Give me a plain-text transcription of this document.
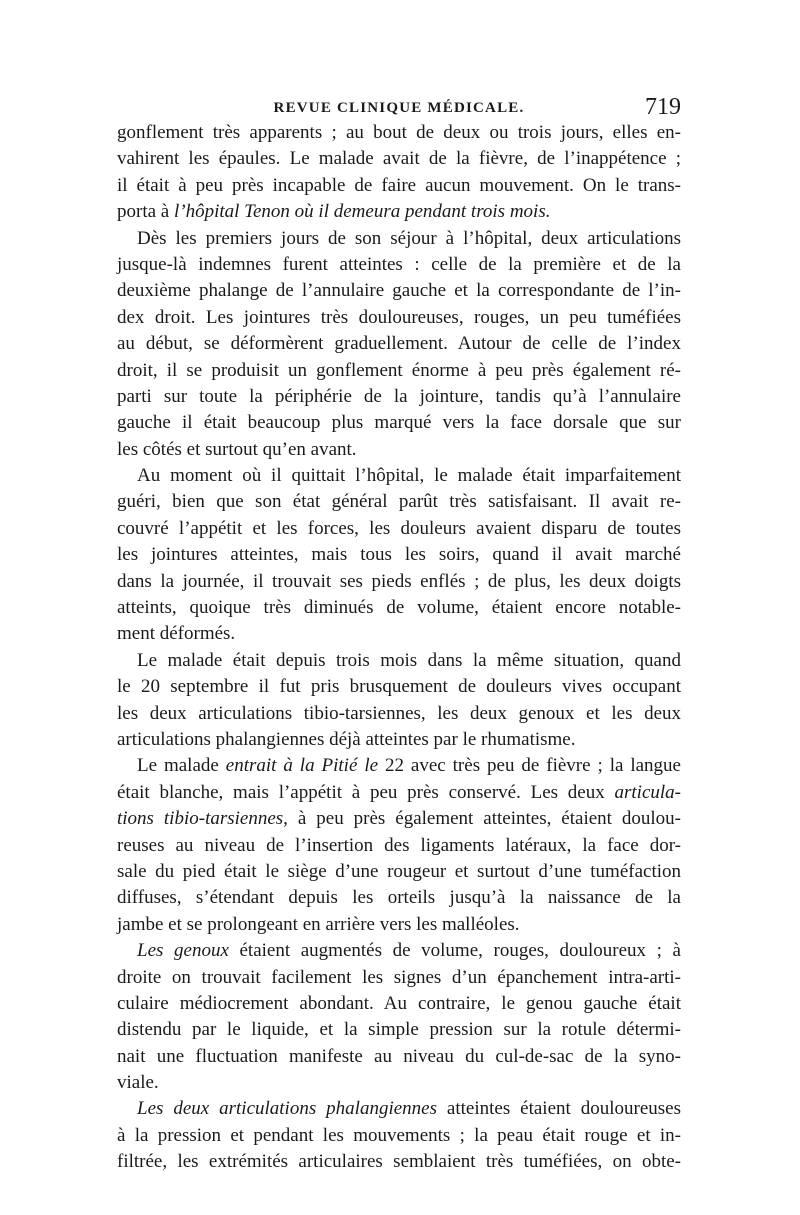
REVUE CLINIQUE MÉDICALE.	719
gonflement très apparents ; au bout de deux ou trois jours, elles en-
vahirent les épaules. Le malade avait de la fièvre, de l’inappétence ;
il était à peu près incapable de faire aucun mouvement. On le trans-
porta à l’hôpital Tenon où il demeura pendant trois mois.
Dès les premiers jours de son séjour à l’hôpital, deux articulations
jusque-là indemnes furent atteintes : celle de la première et de la
deuxième phalange de l’annulaire gauche et la correspondante de l’in-
dex droit. Les jointures très douloureuses, rouges, un peu tuméfiées
au début, se déformèrent graduellement. Autour de celle de l’index
droit, il se produisit un gonflement énorme à peu près également ré-
parti sur toute la périphérie de la jointure, tandis qu’à l’annulaire
gauche il était beaucoup plus marqué vers la face dorsale que sur
les côtés et surtout qu’en avant.
Au moment où il quittait l’hôpital, le malade était imparfaitement
guéri, bien que son état général parût très satisfaisant. Il avait re-
couvré l’appétit et les forces, les douleurs avaient disparu de toutes
les jointures atteintes, mais tous les soirs, quand il avait marché
dans la journée, il trouvait ses pieds enflés ; de plus, les deux doigts
atteints, quoique très diminués de volume, étaient encore notable-
ment déformés.
Le malade était depuis trois mois dans la même situation, quand
le 20 septembre il fut pris brusquement de douleurs vives occupant
les deux articulations tibio-tarsiennes, les deux genoux et les deux
articulations phalangiennes déjà atteintes par le rhumatisme.
Le malade entrait à la Pitié le 22 avec très peu de fièvre ; la langue
était blanche, mais l’appétit à peu près conservé. Les deux articula-
tions tibio-tarsiennes, à peu près également atteintes, étaient doulou-
reuses au niveau de l’insertion des ligaments latéraux, la face dor-
sale du pied était le siège d’une rougeur et surtout d’une tuméfaction
diffuses, s’étendant depuis les orteils jusqu’à la naissance de la
jambe et se prolongeant en arrière vers les malléoles.
Les genoux étaient augmentés de volume, rouges, douloureux ; à
droite on trouvait facilement les signes d’un épanchement intra-arti-
culaire médiocrement abondant. Au contraire, le genou gauche était
distendu par le liquide, et la simple pression sur la rotule détermi-
nait une fluctuation manifeste au niveau du cul-de-sac de la syno-
viale.
Les deux articulations phalangiennes atteintes étaient douloureuses
à la pression et pendant les mouvements ; la peau était rouge et in-
filtrée, les extrémités articulaires semblaient très tuméfiées, on obte-
